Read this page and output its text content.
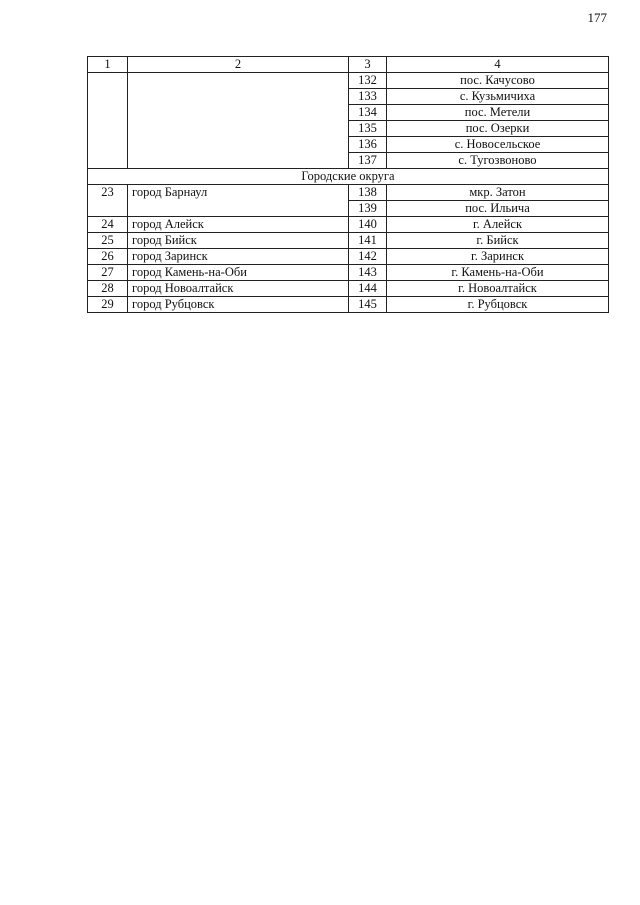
177
1	2	3	4
		132	пос. Качусово
		133	с. Кузьмичиха
		134	пос. Метели
		135	пос. Озерки
		136	с. Новосельское
		137	с. Тугозвоново
Городские округа			
23	город Барнаул	138	мкр. Затон
		139	пос. Ильича
24	город Алейск	140	г. Алейск
25	город Бийск	141	г. Бийск
26	город Заринск	142	г. Заринск
27	город Камень-на-Оби	143	г. Камень-на-Оби
28	город Новоалтайск	144	г. Новоалтайск
29	город Рубцовск	145	г. Рубцовск
